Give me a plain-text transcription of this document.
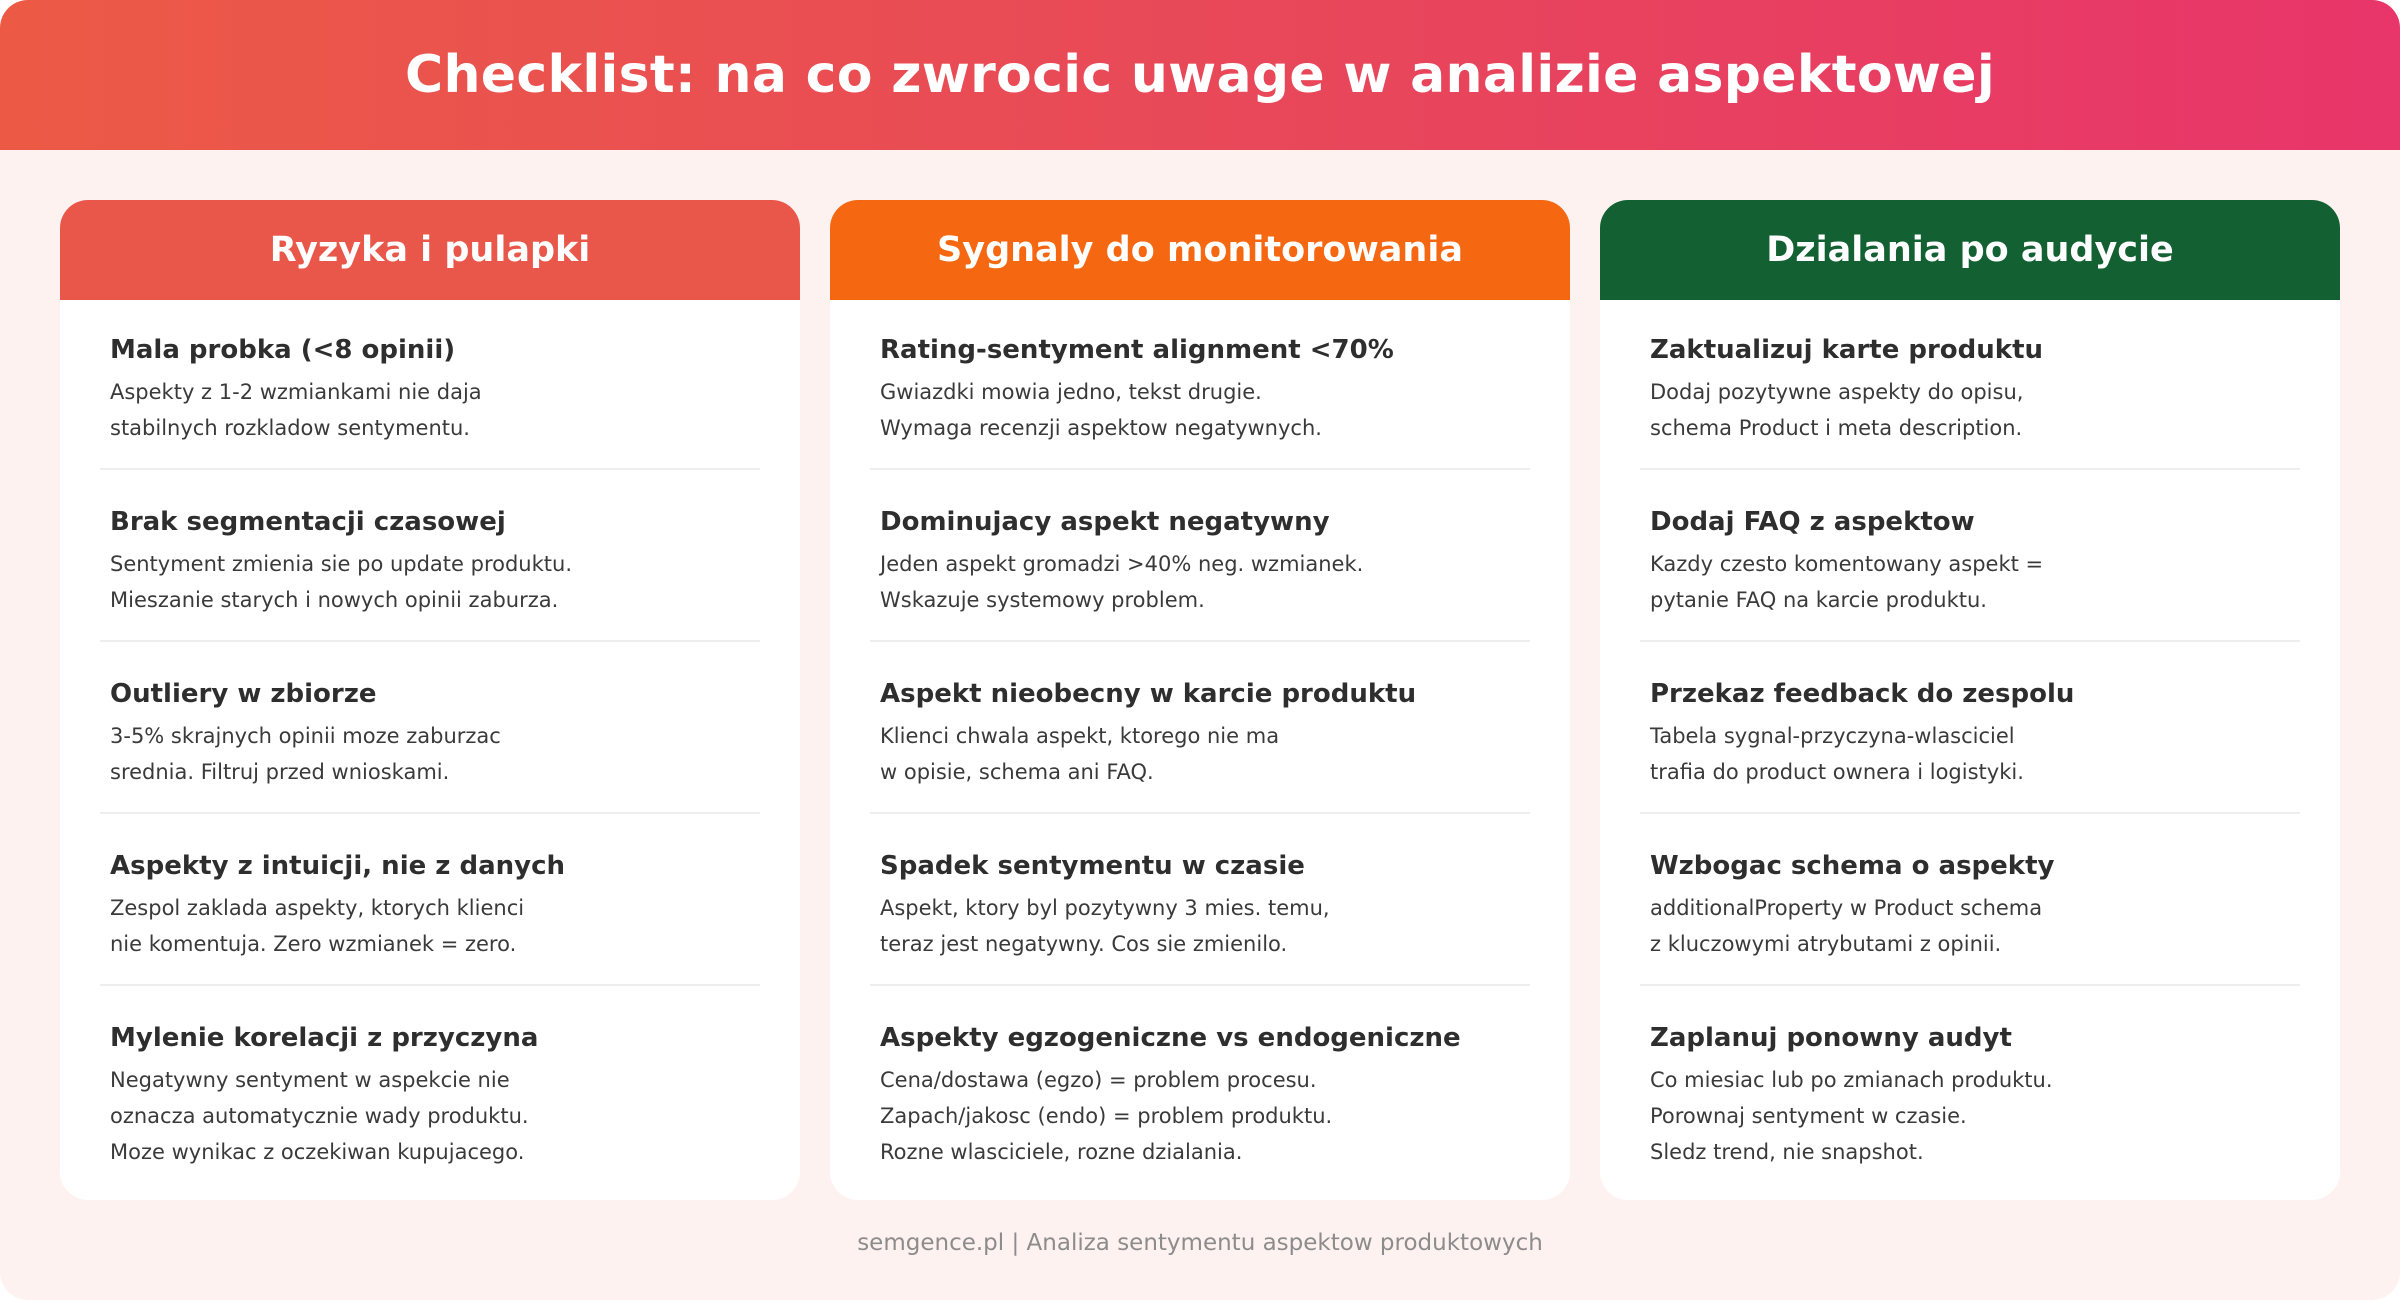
Checklist: na co zwrocic uwage w analizie aspektowej
Ryzyka i pulapki
Mala probka (<8 opinii)
Aspekty z 1-2 wzmiankami nie daja
stabilnych rozkladow sentymentu.
Brak segmentacji czasowej
Sentyment zmienia sie po update produktu.
Mieszanie starych i nowych opinii zaburza.
Outliery w zbiorze
3-5% skrajnych opinii moze zaburzac
srednia. Filtruj przed wnioskami.
Aspekty z intuicji, nie z danych
Zespol zaklada aspekty, ktorych klienci
nie komentuja. Zero wzmianek = zero.
Mylenie korelacji z przyczyna
Negatywny sentyment w aspekcie nie
oznacza automatycznie wady produktu.
Moze wynikac z oczekiwan kupujacego.
Sygnaly do monitorowania
Rating-sentyment alignment <70%
Gwiazdki mowia jedno, tekst drugie.
Wymaga recenzji aspektow negatywnych.
Dominujacy aspekt negatywny
Jeden aspekt gromadzi >40% neg. wzmianek.
Wskazuje systemowy problem.
Aspekt nieobecny w karcie produktu
Klienci chwala aspekt, ktorego nie ma
w opisie, schema ani FAQ.
Spadek sentymentu w czasie
Aspekt, ktory byl pozytywny 3 mies. temu,
teraz jest negatywny. Cos sie zmienilo.
Aspekty egzogeniczne vs endogeniczne
Cena/dostawa (egzo) = problem procesu.
Zapach/jakosc (endo) = problem produktu.
Rozne wlasciciele, rozne dzialania.
Dzialania po audycie
Zaktualizuj karte produktu
Dodaj pozytywne aspekty do opisu,
schema Product i meta description.
Dodaj FAQ z aspektow
Kazdy czesto komentowany aspekt =
pytanie FAQ na karcie produktu.
Przekaz feedback do zespolu
Tabela sygnal-przyczyna-wlasciciel
trafia do product ownera i logistyki.
Wzbogac schema o aspekty
additionalProperty w Product schema
z kluczowymi atrybutami z opinii.
Zaplanuj ponowny audyt
Co miesiac lub po zmianach produktu.
Porownaj sentyment w czasie.
Sledz trend, nie snapshot.
semgence.pl | Analiza sentymentu aspektow produktowych
